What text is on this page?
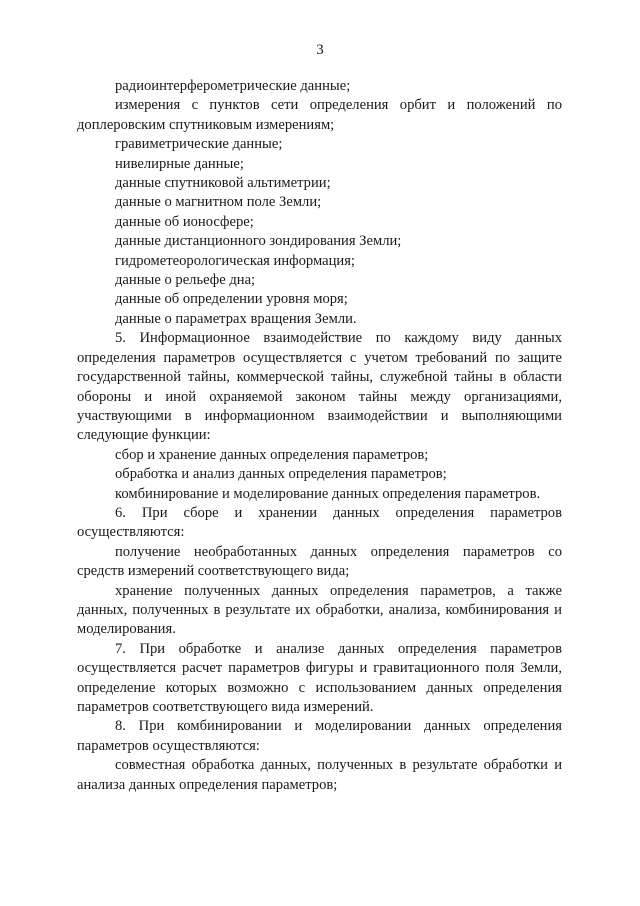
3

радиоинтерферометрические данные;

измерения с пунктов сети определения орбит и положений по доплеровским спутниковым измерениям;

гравиметрические данные;

нивелирные данные;

данные спутниковой альтиметрии;

данные о магнитном поле Земли;

данные об ионосфере;

данные дистанционного зондирования Земли;

гидрометеорологическая информация;

данные о рельефе дна;

данные об определении уровня моря;

данные о параметрах вращения Земли.

5. Информационное взаимодействие по каждому виду данных определения параметров осуществляется с учетом требований по защите государственной тайны, коммерческой тайны, служебной тайны в области обороны и иной охраняемой законом тайны между организациями, участвующими в информационном взаимодействии и выполняющими следующие функции:

сбор и хранение данных определения параметров;

обработка и анализ данных определения параметров;

комбинирование и моделирование данных определения параметров.

6. При сборе и хранении данных определения параметров осуществляются:

получение необработанных данных определения параметров со средств измерений соответствующего вида;

хранение полученных данных определения параметров, а также данных, полученных в результате их обработки, анализа, комбинирования и моделирования.

7. При обработке и анализе данных определения параметров осуществляется расчет параметров фигуры и гравитационного поля Земли, определение которых возможно с использованием данных определения параметров соответствующего вида измерений.

8. При комбинировании и моделировании данных определения параметров осуществляются:

совместная обработка данных, полученных в результате обработки и анализа данных определения параметров;
